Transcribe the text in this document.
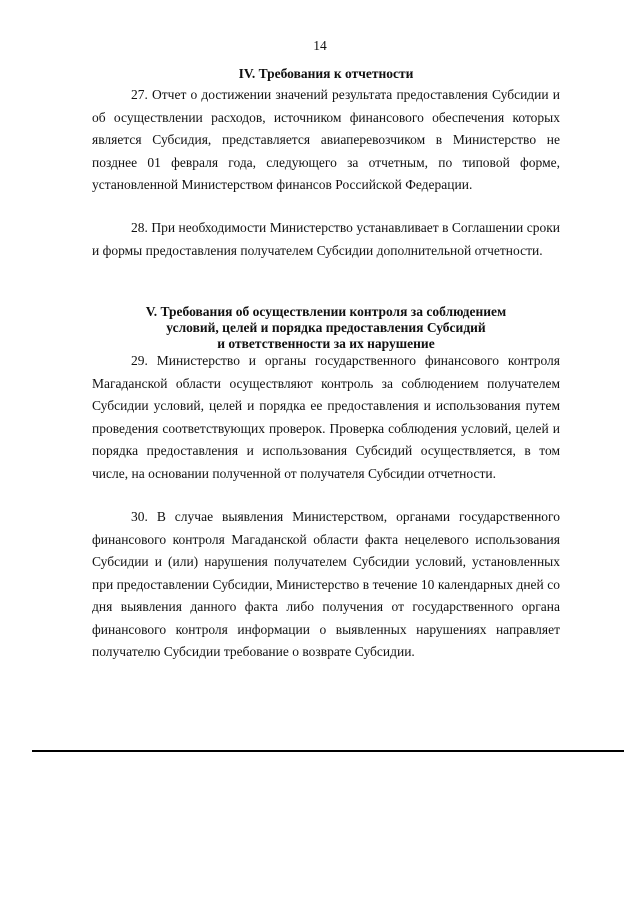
14
IV. Требования к отчетности

27. Отчет о достижении значений результата предоставления Субсидии и об осуществлении расходов, источником финансового обеспечения которых является Субсидия, представляется авиаперевозчиком в Министерство не позднее 01 февраля года, следующего за отчетным, по типовой форме, установленной Министерством финансов Российской Федерации.

28. При необходимости Министерство устанавливает в Соглашении сроки и формы предоставления получателем Субсидии дополнительной отчетности.

V. Требования об осуществлении контроля за соблюдением
условий, целей и порядка предоставления Субсидий
и ответственности за их нарушение

29. Министерство и органы государственного финансового контроля Магаданской области осуществляют контроль за соблюдением получателем Субсидии условий, целей и порядка ее предоставления и использования путем проведения соответствующих проверок. Проверка соблюдения условий, целей и порядка предоставления и использования Субсидий осуществляется, в том числе, на основании полученной от получателя Субсидии отчетности.

30. В случае выявления Министерством, органами государственного финансового контроля Магаданской области факта нецелевого использования Субсидии и (или) нарушения получателем Субсидии условий, установленных при предоставлении Субсидии, Министерство в течение 10 календарных дней со дня выявления данного факта либо получения от государственного органа финансового контроля информации о выявленных нарушениях направляет получателю Субсидии требование о возврате Субсидии.
